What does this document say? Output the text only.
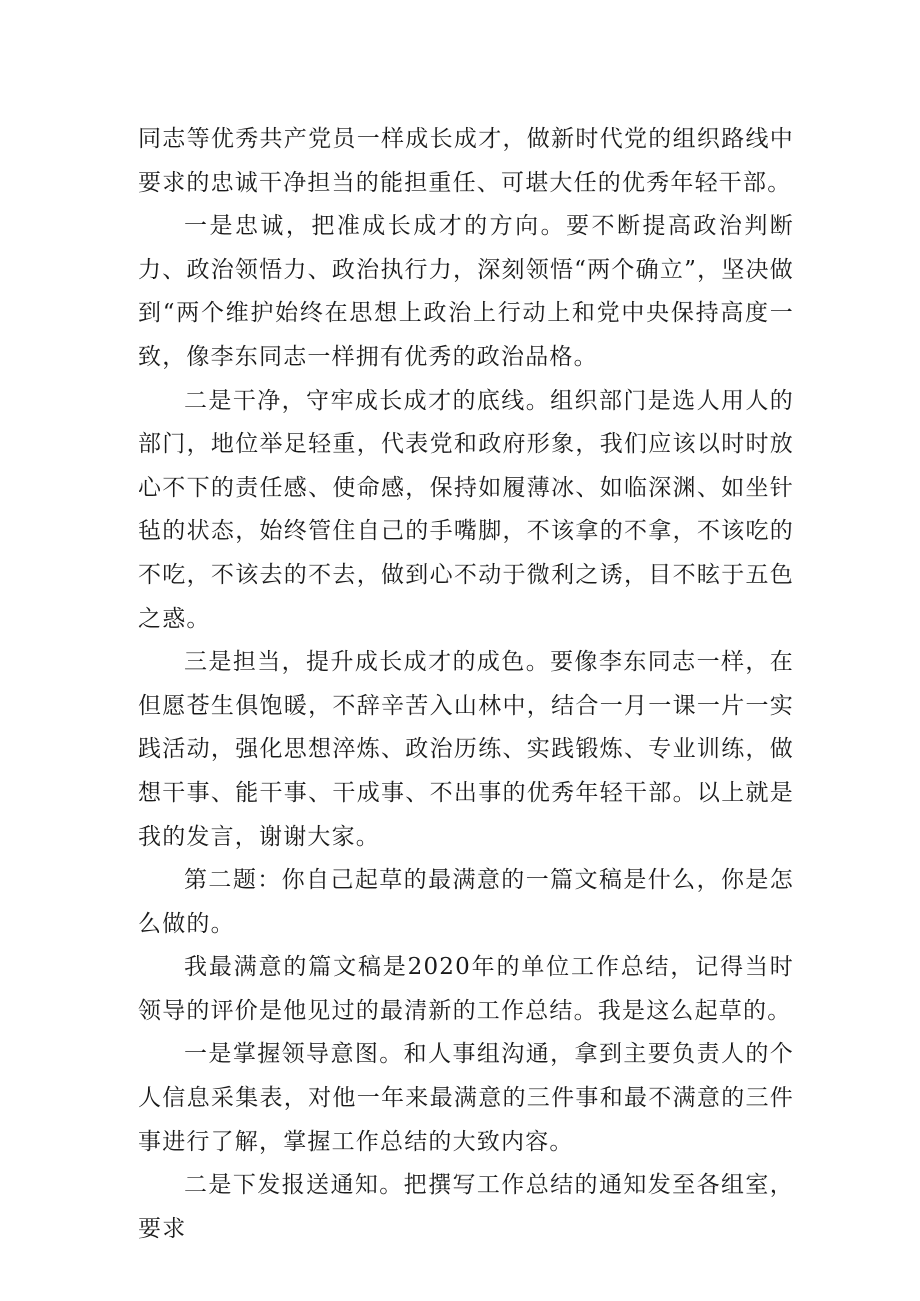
同志等优秀共产党员一样成长成才，做新时代党的组织路线中要求的忠诚干净担当的能担重任、可堪大任的优秀年轻干部。

一是忠诚，把准成长成才的方向。要不断提高政治判断力、政治领悟力、政治执行力，深刻领悟“两个确立”，坚决做到“两个维护始终在思想上政治上行动上和党中央保持高度一致，像李东同志一样拥有优秀的政治品格。

二是干净，守牢成长成才的底线。组织部门是选人用人的部门，地位举足轻重，代表党和政府形象，我们应该以时时放心不下的责任感、使命感，保持如履薄冰、如临深渊、如坐针毡的状态，始终管住自己的手嘴脚，不该拿的不拿，不该吃的不吃，不该去的不去，做到心不动于微利之诱，目不眩于五色之惑。

三是担当，提升成长成才的成色。要像李东同志一样，在但愿苍生俱饱暖，不辞辛苦入山林中，结合一月一课一片一实践活动，强化思想淬炼、政治历练、实践锻炼、专业训练，做想干事、能干事、干成事、不出事的优秀年轻干部。以上就是我的发言，谢谢大家。

第二题：你自己起草的最满意的一篇文稿是什么，你是怎么做的。

我最满意的篇文稿是2020年的单位工作总结，记得当时领导的评价是他见过的最清新的工作总结。我是这么起草的。

一是掌握领导意图。和人事组沟通，拿到主要负责人的个人信息采集表，对他一年来最满意的三件事和最不满意的三件事进行了解，掌握工作总结的大致内容。

二是下发报送通知。把撰写工作总结的通知发至各组室，要求
